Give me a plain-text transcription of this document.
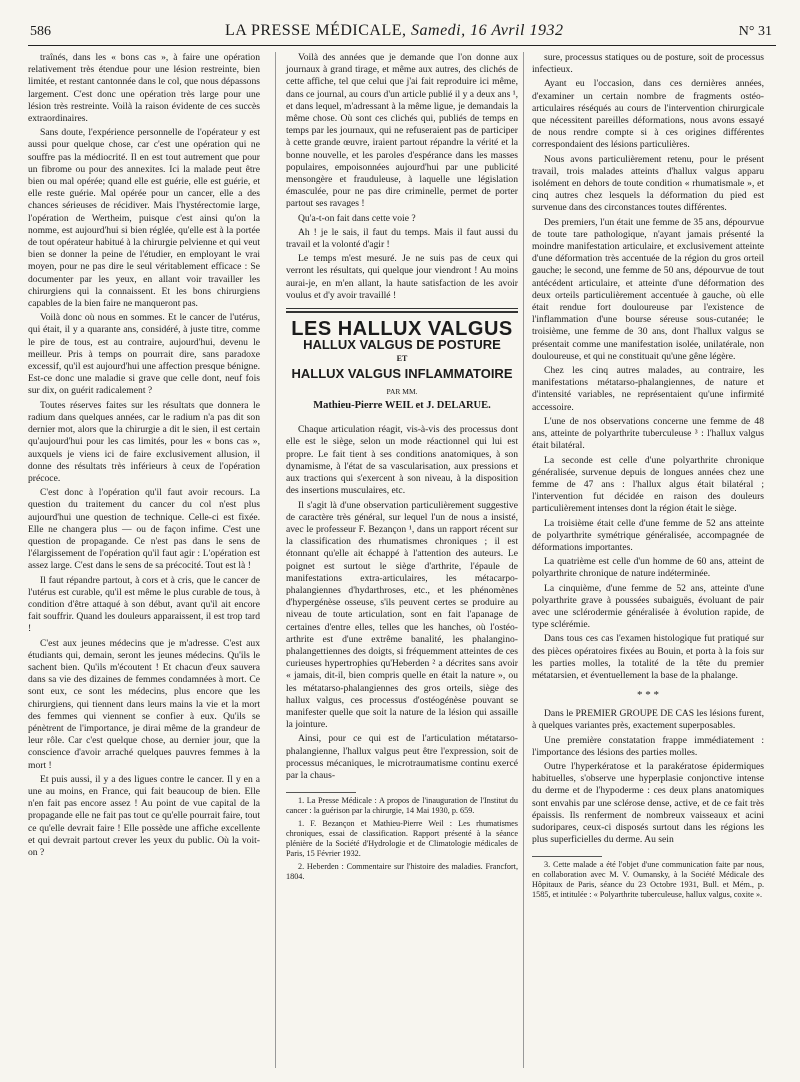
586	LA PRESSE MÉDICALE, Samedi, 16 Avril 1932	N° 31

traînés, dans les « bons cas », à faire une opération relativement très étendue pour une lésion restreinte, bien limitée, et restant cantonnée dans le col, que nous dépassons largement. C'est donc une opération très large pour une lésion très restreinte. Voilà la raison évidente de ces succès extraordinaires.

Sans doute, l'expérience personnelle de l'opérateur y est aussi pour quelque chose, car c'est une opération qui ne souffre pas la médiocrité. Il en est tout autrement que pour un fibrome ou pour des annexites. Ici la malade peut être bien ou mal opérée; quand elle est guérie, elle est guérie, et elle reste guérie. Mal opérée pour un cancer, elle a des chances sérieuses de récidiver. Mais l'hystérectomie large, l'opération de Wertheim, puisque c'est ainsi qu'on la nomme, est aujourd'hui si bien réglée, qu'elle est à la portée de tout opérateur habitué à la chirurgie pelvienne et qui veut bien se donner la peine de l'étudier, en employant le vrai moyen, pour ne pas dire le seul véritablement efficace : Se documenter par les yeux, en allant voir travailler les chirurgiens qui la connaissent. Et les bons chirurgiens capables de la bien faire ne manqueront pas.

Voilà donc où nous en sommes. Et le cancer de l'utérus, qui était, il y a quarante ans, considéré, à juste titre, comme le pire de tous, est au contraire, aujourd'hui, devenu le meilleur. Pris à temps on pourrait dire, sans paradoxe excessif, qu'il est aujourd'hui une affection presque bénigne. Est-ce donc une maladie si grave que celle dont, neuf fois sur dix, on guérit radicalement ?

Toutes réserves faites sur les résultats que donnera le radium dans quelques années, car le radium n'a pas dit son dernier mot, alors que la chirurgie a dit le sien, il est certain qu'aujourd'hui pour les cas limités, pour les « bons cas », auxquels je viens ici de faire exclusivement allusion, il donne des résultats très inférieurs à ceux de l'opération précoce.

C'est donc à l'opération qu'il faut avoir recours. La question du traitement du cancer du col n'est plus aujourd'hui une question de technique. Celle-ci est fixée. Elle ne changera plus — ou de façon infime. C'est une question de propagande. Ce n'est pas dans le sens de l'élargissement de l'opération qu'il faut agir : L'opération est assez large. C'est dans le sens de sa précocité. Tout est là !

Il faut répandre partout, à cors et à cris, que le cancer de l'utérus est curable, qu'il est même le plus curable de tous, à condition d'être attaqué à son début, avant qu'il ait encore fait souffrir. Quand les douleurs apparaissent, il est trop tard !

C'est aux jeunes médecins que je m'adresse. C'est aux étudiants qui, demain, seront les jeunes médecins. Qu'ils le sachent bien. Qu'ils m'écoutent ! Et chacun d'eux sauvera dans sa vie des dizaines de femmes condamnées à mort. Ce sont eux, ce sont les médecins, plus encore que les chirurgiens, qui tiennent dans leurs mains la vie et la mort des femmes qui viennent se confier à eux. Qu'ils se pénètrent de l'importance, je dirai même de la grandeur de leur rôle. Car c'est quelque chose, au dernier jour, que la conscience d'avoir arraché quelques pauvres femmes à la mort !

Et puis aussi, il y a des ligues contre le cancer. Il y en a une au moins, en France, qui fait beaucoup de bien. Elle n'en fait pas encore assez ! Au point de vue capital de la propagande elle ne fait pas tout ce qu'elle pourrait faire, tout ce qu'elle devrait faire ! Elle possède une affiche excellente et qui devrait partout crever les yeux du public. Où la voit-on ?

Voilà des années que je demande que l'on donne aux journaux à grand tirage, et même aux autres, des clichés de cette affiche, tel que celui que j'ai fait reproduire ici même, dans ce journal, au cours d'un article publié il y a deux ans ¹, et dans lequel, m'adressant à la même ligue, je demandais la même chose. Où sont ces clichés qui, publiés de temps en temps par les journaux, qui ne refuseraient pas de participer à cette grande œuvre, iraient partout répandre la vérité et la bonne nouvelle, et les paroles d'espérance dans les masses populaires, empoisonnées aujourd'hui par une publicité mensongère et frauduleuse, à laquelle une législation émasculée, pour ne pas dire criminelle, permet de porter partout ses ravages !

Qu'a-t-on fait dans cette voie ?

Ah ! je le sais, il faut du temps. Mais il faut aussi du travail et la volonté d'agir !

Le temps m'est mesuré. Je ne suis pas de ceux qui verront les résultats, qui quelque jour viendront ! Au moins aurai-je, en m'en allant, la haute satisfaction de les avoir voulus et d'y avoir travaillé !

LES HALLUX VALGUS
HALLUX VALGUS DE POSTURE
ET
HALLUX VALGUS INFLAMMATOIRE
PAR MM.
Mathieu-Pierre WEIL et J. DELARUE.

Chaque articulation réagit, vis-à-vis des processus dont elle est le siège, selon un mode réactionnel qui lui est propre. Le fait tient à ses conditions anatomiques, à son dynamisme, à l'état de sa vascularisation, aux pressions et aux tractions qui s'exercent à son niveau, à la disposition des insertions musculaires, etc.

Il s'agit là d'une observation particulièrement suggestive de caractère très général, sur lequel l'un de nous a insisté, avec le professeur F. Bezançon ¹, dans un rapport récent sur la classification des rhumatismes chroniques ; il est étonnant qu'elle ait échappé à l'attention des auteurs. Le poignet est surtout le siège d'arthrite, l'épaule de manifestations extra-articulaires, les métacarpo-phalangiennes d'hydarthroses, etc., et les phénomènes d'hypergénèse osseuse, s'ils peuvent certes se produire au niveau de toute articulation, sont en fait l'apanage de certaines d'entre elles, telles que les hanches, où l'ostéo-arthrite est d'une extrême banalité, les phalangino-phalangettiennes des doigts, si fréquemment atteintes de ces curieuses hypertrophies qu'Heberden ² a décrites sans avoir « jamais, dit-il, bien compris quelle en était la nature », ou les métatarso-phalangiennes des gros orteils, siège des hallux valgus, ces processus d'ostéogénèse pouvant se manifester quelle que soit la nature de la lésion qui assaille la jointure.

Ainsi, pour ce qui est de l'articulation métatarso-phalangienne, l'hallux valgus peut être l'expression, soit de processus mécaniques, le microtraumatisme continu exercé par la chaus-

1. La Presse Médicale : A propos de l'inauguration de l'Institut du cancer : la guérison par la chirurgie, 14 Mai 1930, p. 659.
1. F. Bezançon et Mathieu-Pierre Weil : Les rhumatismes chroniques, essai de classification. Rapport présenté à la séance plénière de la Société d'Hydrologie et de Climatologie médicales de Paris, 15 Février 1932.
2. Heberden : Commentaire sur l'histoire des maladies. Francfort, 1804.

sure, processus statiques ou de posture, soit de processus infectieux.

Ayant eu l'occasion, dans ces dernières années, d'examiner un certain nombre de fragments ostéo-articulaires réséqués au cours de l'intervention chirurgicale que nécessitent pareilles déformations, nous avons essayé de nous rendre compte si à ces origines différentes correspondaient des lésions particulières.

Nous avons particulièrement retenu, pour le présent travail, trois malades atteints d'hallux valgus apparu isolément en dehors de toute condition « rhumatismale », et cinq autres chez lesquels la déformation du pied est survenue dans des circonstances toutes différentes.

Des premiers, l'un était une femme de 35 ans, dépourvue de toute tare pathologique, n'ayant jamais présenté la moindre manifestation articulaire, et exclusivement atteinte d'une déformation très accentuée de la région du gros orteil gauche; le second, une femme de 50 ans, dépourvue de tout antécédent articulaire, et atteinte d'une déformation des deux orteils particulièrement accentuée à gauche, où elle était rendue fort douloureuse par l'existence de l'inflammation d'une bourse séreuse sous-cutanée; le troisième, une femme de 30 ans, dont l'hallux valgus se présentait comme une manifestation isolée, unilatérale, non douloureuse, et qui ne constituait qu'une gêne légère.

Chez les cinq autres malades, au contraire, les manifestations métatarso-phalangiennes, de nature et d'intensité variables, ne représentaient qu'une infirmité accessoire.

L'une de nos observations concerne une femme de 48 ans, atteinte de polyarthrite tuberculeuse ³ : l'hallux valgus était bilatéral.

La seconde est celle d'une polyarthrite chronique généralisée, survenue depuis de longues années chez une femme de 47 ans : l'hallux algus était bilatéral ; l'intervention fut décidée en raison des douleurs particulièrement intenses dont la région était le siège.

La troisième était celle d'une femme de 52 ans atteinte de polyarthrite symétrique généralisée, accompagnée de déformations importantes.

La quatrième est celle d'un homme de 60 ans, atteint de polyarthrite chronique de nature indéterminée.

La cinquième, d'une femme de 52 ans, atteinte d'une polyarthrite grave à poussées subaiguës, évoluant de pair avec une sclérodermie généralisée à évolution rapide, de type sclérémie.

Dans tous ces cas l'examen histologique fut pratiqué sur des pièces opératoires fixées au Bouin, et porta à la fois sur les parties molles, la totalité de la tête du premier métatarsien, et éventuellement la base de la phalange.

* * *

Dans le PREMIER GROUPE DE CAS les lésions furent, à quelques variantes près, exactement superposables.

Une première constatation frappe immédiatement : l'importance des lésions des parties molles.

Outre l'hyperkératose et la parakératose épidermiques habituelles, s'observe une hyperplasie conjonctive intense du derme et de l'hypoderme : ces deux plans anatomiques sont envahis par une sclérose dense, active, et de ce fait très épaissis. Ils renferment de nombreux vaisseaux et acini sudoripares, ceux-ci disposés surtout dans les régions les plus superficielles du derme. Au sein

3. Cette malade a été l'objet d'une communication faite par nous, en collaboration avec M. V. Oumansky, à la Société Médicale des Hôpitaux de Paris, séance du 23 Octobre 1931, Bull. et Mém., p. 1585, et intitulée : « Polyarthrite tuberculeuse, hallux valgus, coxite ».
